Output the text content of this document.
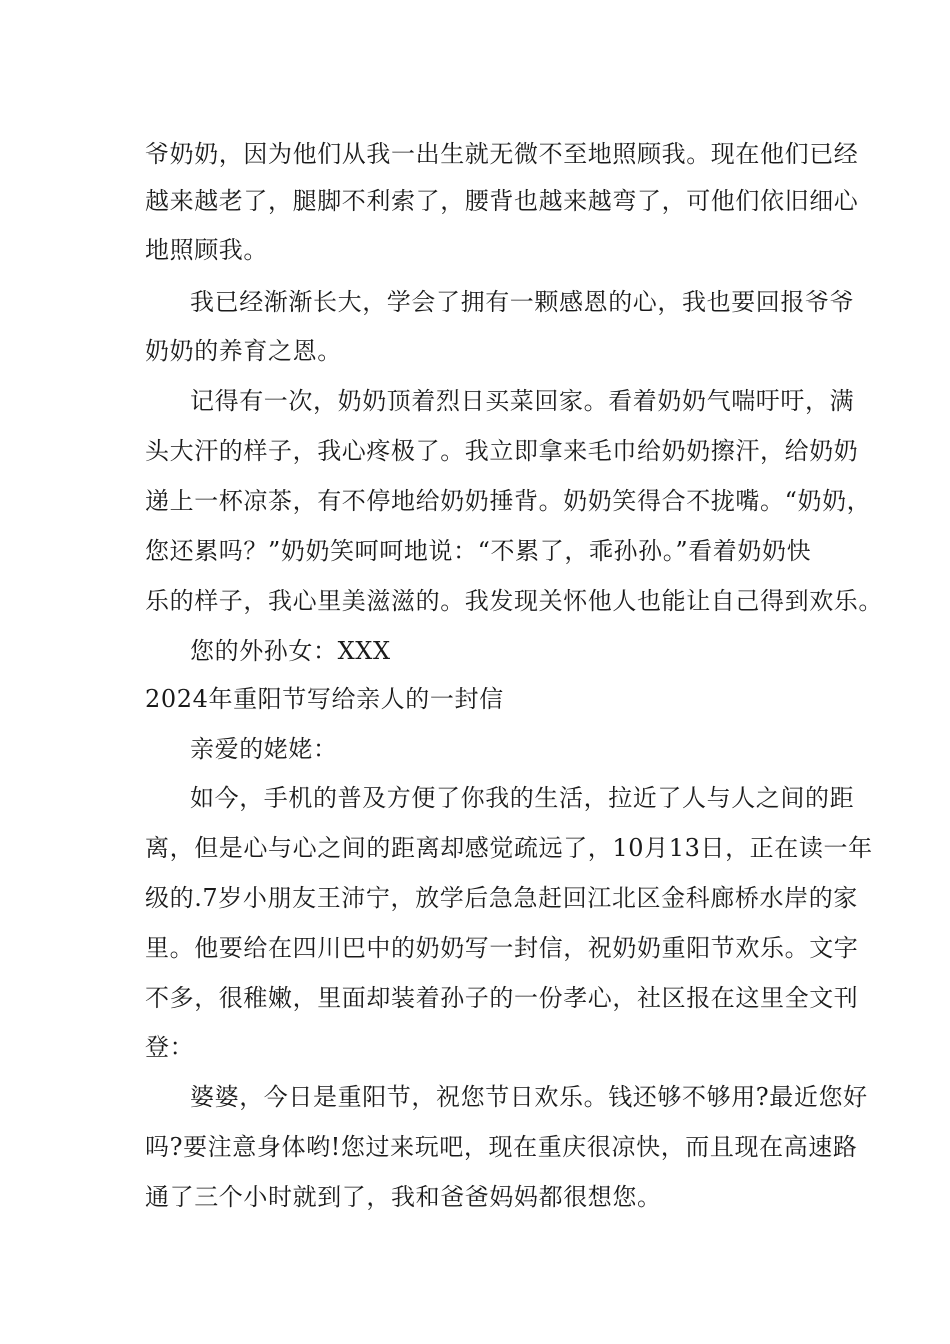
爷奶奶，因为他们从我一出生就无微不至地照顾我。现在他们已经
越来越老了，腿脚不利索了，腰背也越来越弯了，可他们依旧细心
地照顾我。
我已经渐渐长大，学会了拥有一颗感恩的心，我也要回报爷爷
奶奶的养育之恩。
记得有一次，奶奶顶着烈日买菜回家。看着奶奶气喘吁吁，满
头大汗的样子，我心疼极了。我立即拿来毛巾给奶奶擦汗，给奶奶
递上一杯凉茶，有不停地给奶奶捶背。奶奶笑得合不拢嘴。“奶奶，
您还累吗？”奶奶笑呵呵地说：“不累了，乖孙孙。”看着奶奶快
乐的样子，我心里美滋滋的。我发现关怀他人也能让自己得到欢乐。
您的外孙女：XXX
2024年重阳节写给亲人的一封信
亲爱的姥姥：
如今，手机的普及方便了你我的生活，拉近了人与人之间的距
离，但是心与心之间的距离却感觉疏远了，10月13日，正在读一年
级的.7岁小朋友王沛宁，放学后急急赶回江北区金科廊桥水岸的家
里。他要给在四川巴中的奶奶写一封信，祝奶奶重阳节欢乐。文字
不多，很稚嫩，里面却装着孙子的一份孝心，社区报在这里全文刊
登：
婆婆，今日是重阳节，祝您节日欢乐。钱还够不够用?最近您好
吗?要注意身体哟!您过来玩吧，现在重庆很凉快，而且现在高速路
通了三个小时就到了，我和爸爸妈妈都很想您。
